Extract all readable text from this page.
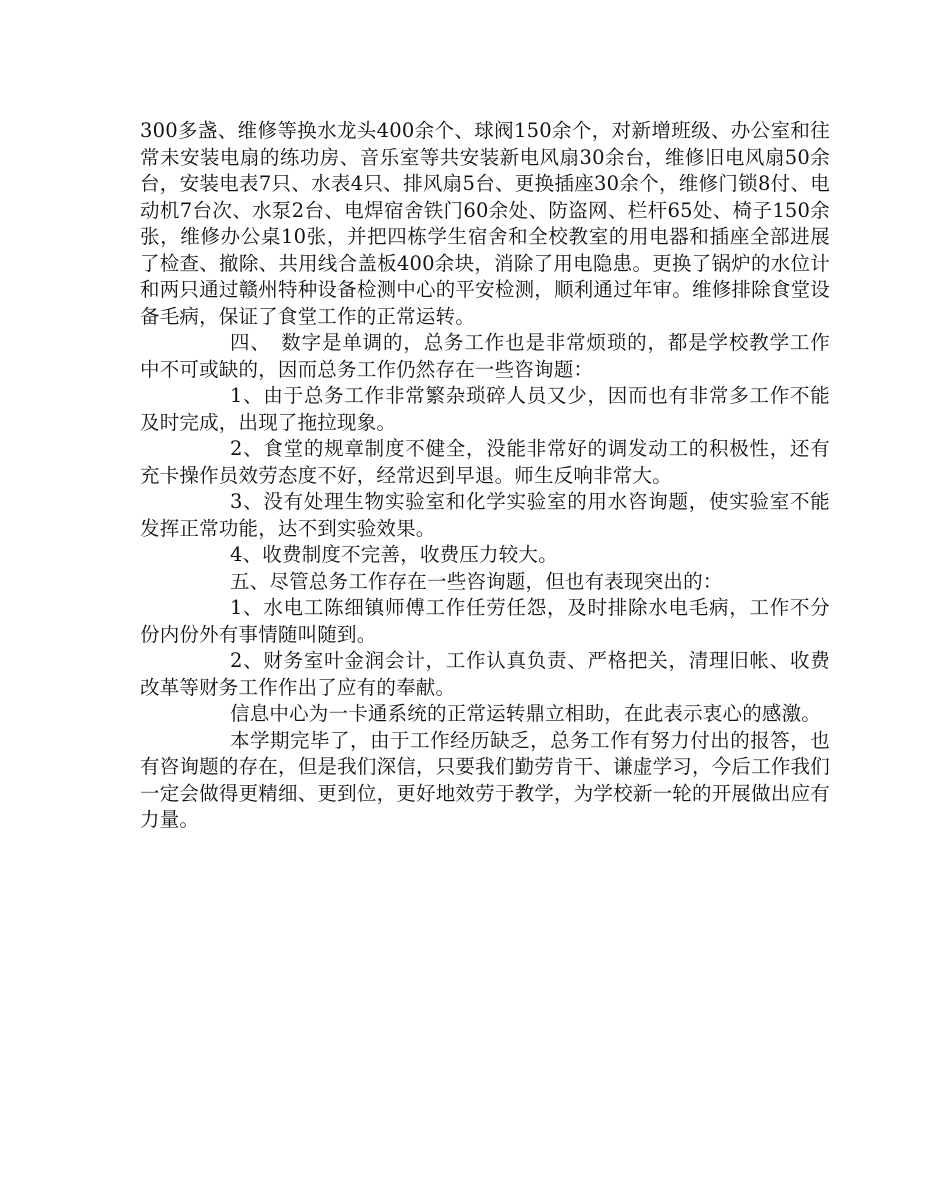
300多盏、维修等换水龙头400余个、球阀150余个，对新增班级、办公室和往常未安装电扇的练功房、音乐室等共安装新电风扇30余台，维修旧电风扇50余台，安装电表7只、水表4只、排风扇5台、更换插座30余个，维修门锁8付、电动机7台次、水泵2台、电焊宿舍铁门60余处、防盗网、栏杆65处、椅子150余张，维修办公桌10张，并把四栋学生宿舍和全校教室的用电器和插座全部进展了检查、撤除、共用线合盖板400余块，消除了用电隐患。更换了锅炉的水位计和两只通过赣州特种设备检测中心的平安检测，顺利通过年审。维修排除食堂设备毛病，保证了食堂工作的正常运转。

四、　数字是单调的，总务工作也是非常烦琐的，都是学校教学工作中不可或缺的，因而总务工作仍然存在一些咨询题：

1、由于总务工作非常繁杂琐碎人员又少，因而也有非常多工作不能及时完成，出现了拖拉现象。

2、食堂的规章制度不健全，没能非常好的调发动工的积极性，还有充卡操作员效劳态度不好，经常迟到早退。师生反响非常大。

3、没有处理生物实验室和化学实验室的用水咨询题，使实验室不能发挥正常功能，达不到实验效果。

4、收费制度不完善，收费压力较大。

五、尽管总务工作存在一些咨询题，但也有表现突出的：

1、水电工陈细镇师傅工作任劳任怨，及时排除水电毛病，工作不分份内份外有事情随叫随到。

2、财务室叶金润会计，工作认真负责、严格把关，清理旧帐、收费改革等财务工作作出了应有的奉献。

信息中心为一卡通系统的正常运转鼎立相助，在此表示衷心的感激。

本学期完毕了，由于工作经历缺乏，总务工作有努力付出的报答，也有咨询题的存在，但是我们深信，只要我们勤劳肯干、谦虚学习，今后工作我们一定会做得更精细、更到位，更好地效劳于教学，为学校新一轮的开展做出应有力量。
